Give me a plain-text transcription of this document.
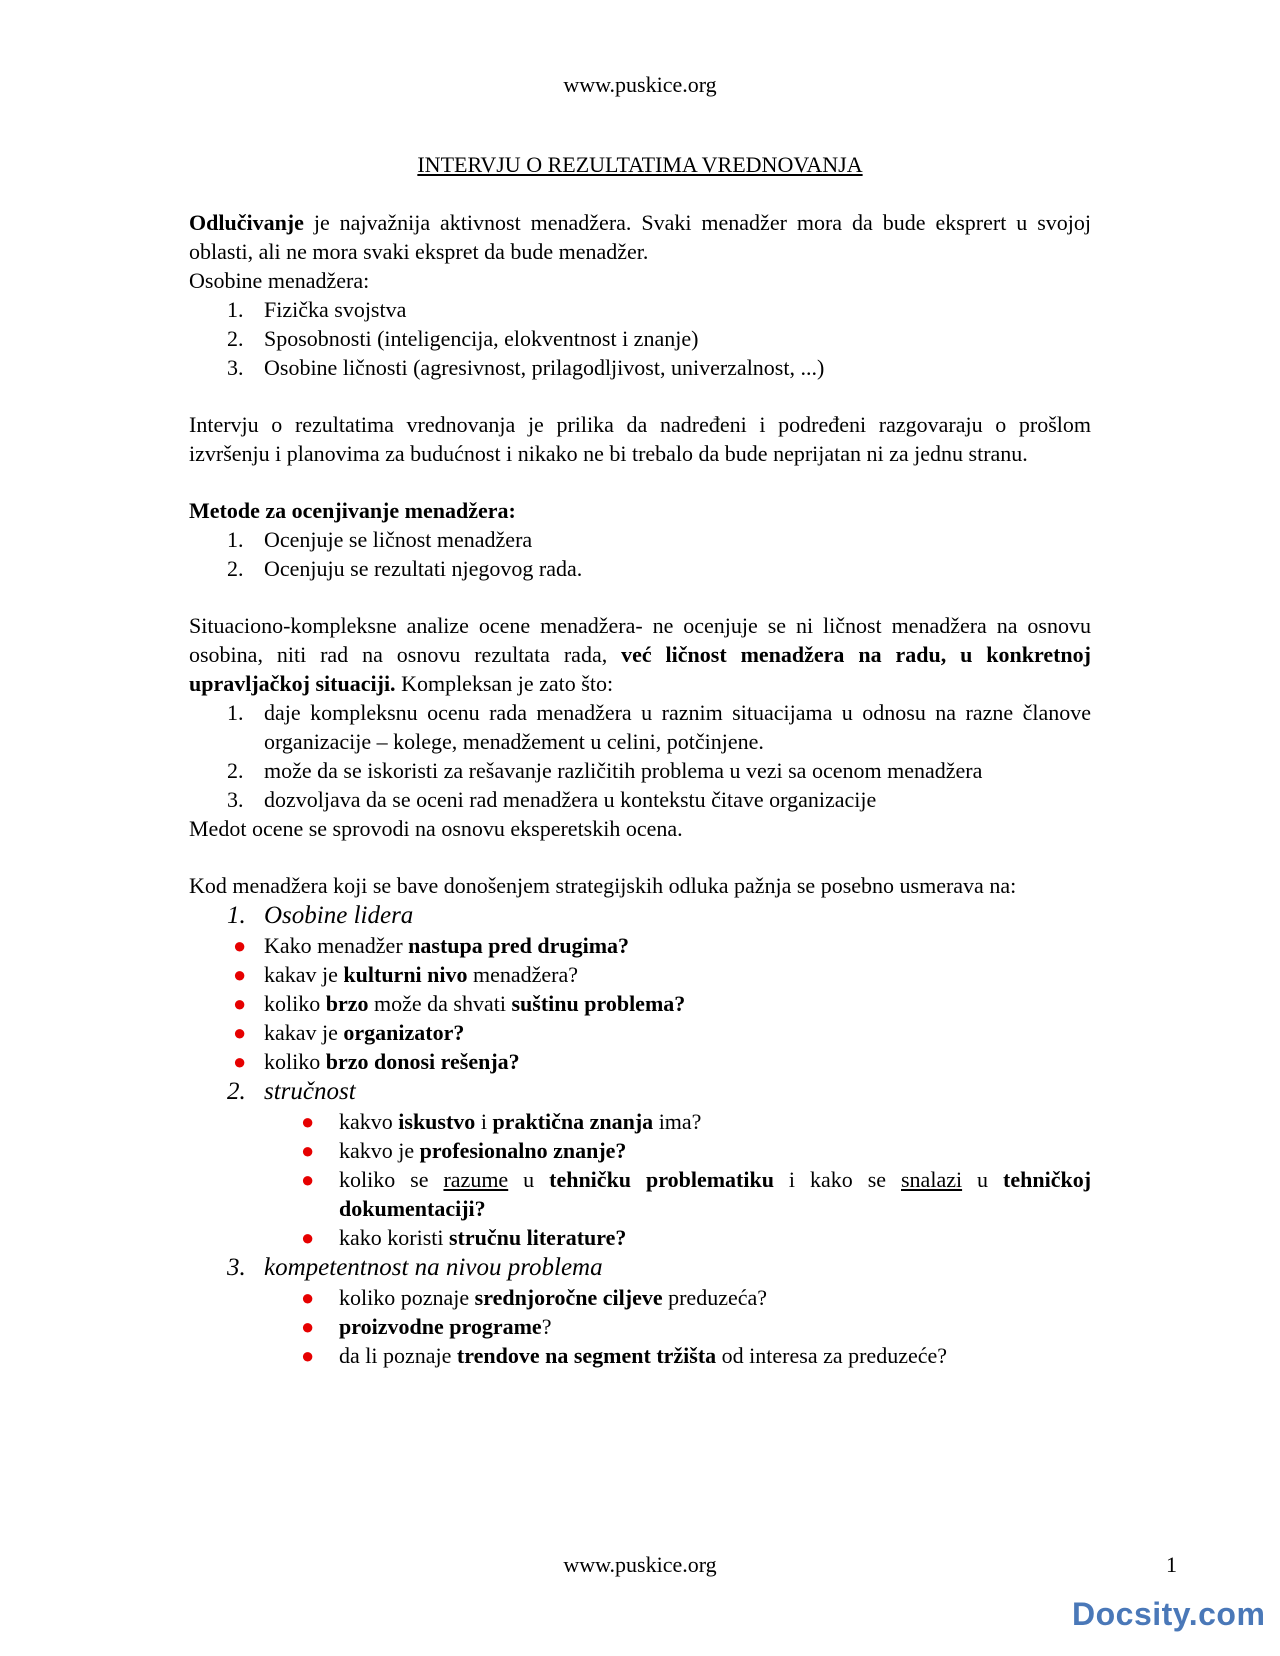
www.puskice.org
INTERVJU O REZULTATIMA VREDNOVANJA

Odlučivanje je najvažnija aktivnost menadžera. Svaki menadžer mora da bude eksprert u svojoj oblasti, ali ne mora svaki ekspret da bude menadžer.

Osobine menadžera:

1. Fizička svojstva
2. Sposobnosti (inteligencija, elokventnost i znanje)
3. Osobine ličnosti (agresivnost, prilagodljivost, univerzalnost, ...)

Intervju o rezultatima vrednovanja je prilika da nadređeni i podređeni razgovaraju o prošlom izvršenju i planovima za budućnost i nikako ne bi trebalo da bude neprijatan ni za jednu stranu.

Metode za ocenjivanje menadžera:

1. Ocenjuje se ličnost menadžera
2. Ocenjuju se rezultati njegovog rada.

Situaciono-kompleksne analize ocene menadžera- ne ocenjuje se ni ličnost menadžera na osnovu osobina, niti rad na osnovu rezultata rada, već ličnost menadžera na radu, u konkretnoj upravljačkoj situaciji. Kompleksan je zato što:

1. daje kompleksnu ocenu rada menadžera u raznim situacijama u odnosu na razne članove organizacije – kolege, menadžement u celini, potčinjene.
2. može da se iskoristi za rešavanje različitih problema u vezi sa ocenom menadžera
3. dozvoljava da se oceni rad menadžera u kontekstu čitave organizacije

Medot ocene se sprovodi na osnovu eksperetskih ocena.

Kod menadžera koji se bave donošenjem strategijskih odluka pažnja se posebno usmerava na:

1. Osobine lidera
● Kako menadžer nastupa pred drugima?
● kakav je kulturni nivo menadžera?
● koliko brzo može da shvati suštinu problema?
● kakav je organizator?
● koliko brzo donosi rešenja?
2. stručnost
● kakvo iskustvo i praktična znanja ima?
● kakvo je profesionalno znanje?
● koliko se razume u tehničku problematiku i kako se snalazi u tehničkoj dokumentaciji?
● kako koristi stručnu literature?
3. kompetentnost na nivou problema
● koliko poznaje srednjoročne ciljeve preduzeća?
● proizvodne programe?
● da li poznaje trendove na segment tržišta od interesa za preduzeće?
www.puskice.org	1
Docsity.com
